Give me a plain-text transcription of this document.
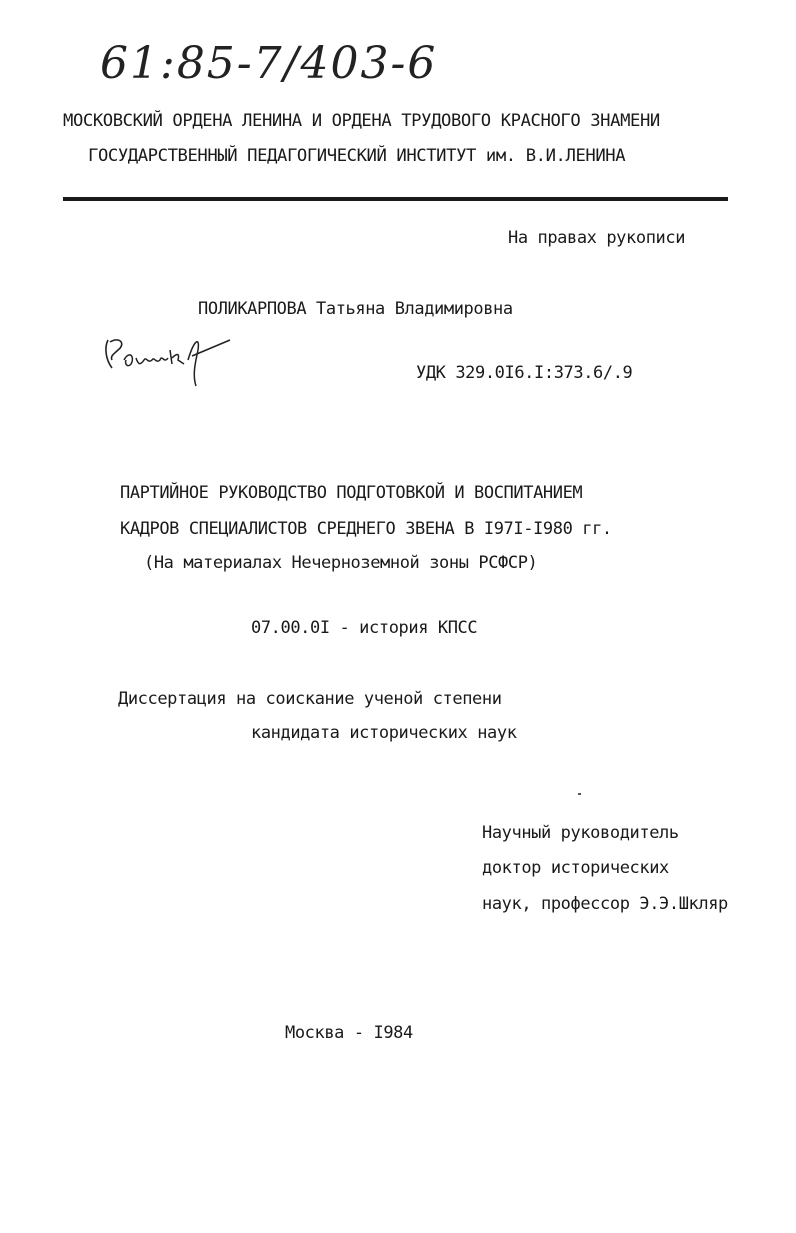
61:85-7/403-6
МОСКОВСКИЙ ОРДЕНА ЛЕНИНА И ОРДЕНА ТРУДОВОГО КРАСНОГО ЗНАМЕНИ
ГОСУДАРСТВЕННЫЙ ПЕДАГОГИЧЕСКИЙ ИНСТИТУТ им. В.И.ЛЕНИНА
На правах рукописи
ПОЛИКАРПОВА Татьяна Владимировна
УДК 329.0I6.I:373.6/.9
ПАРТИЙНОЕ РУКОВОДСТВО ПОДГОТОВКОЙ И ВОСПИТАНИЕМ
КАДРОВ СПЕЦИАЛИСТОВ СРЕДНЕГО ЗВЕНА В I97I-I980 гг.
(На материалах Нечерноземной зоны РСФСР)
07.00.0I - история КПСС
Диссертация на соискание ученой степени
кандидата исторических наук
Научный руководитель
доктор исторических
наук, профессор Э.Э.Шкляр
Москва - I984
